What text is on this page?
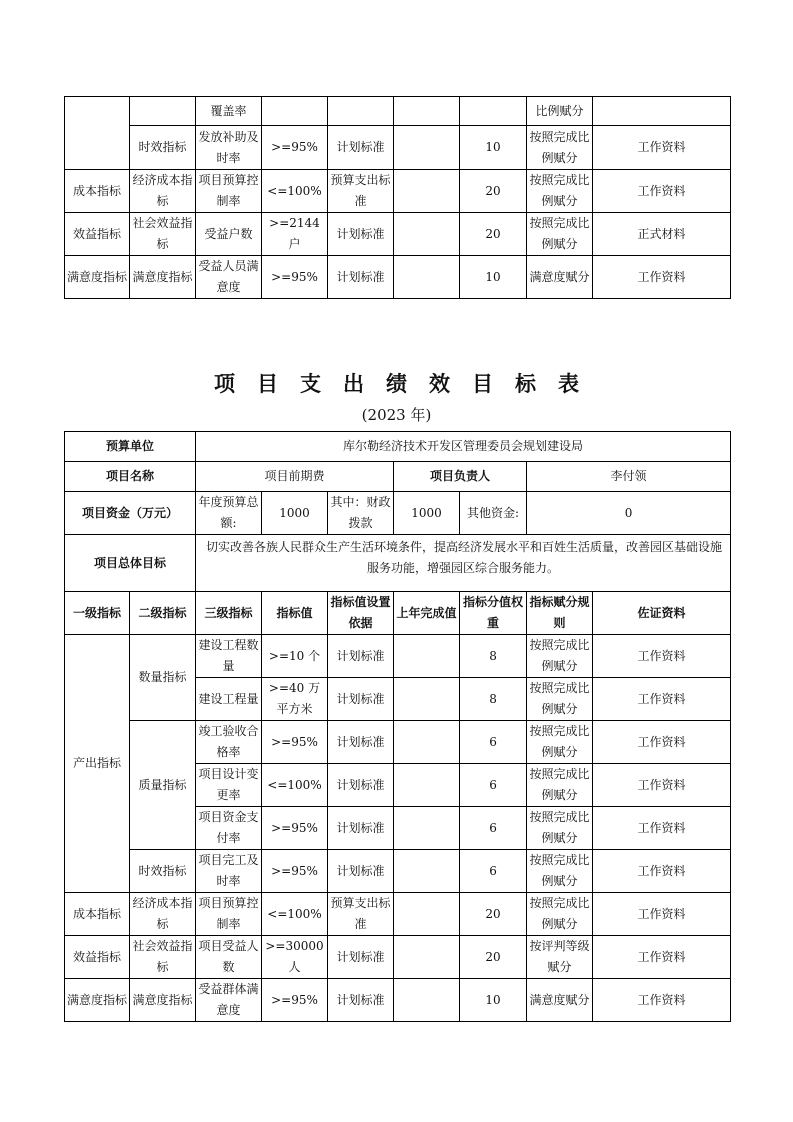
		覆盖率					比例赋分	
	时效指标	发放补助及时率	>=95%	计划标准		10	按照完成比例赋分	工作资料
成本指标	经济成本指标	项目预算控制率	<=100%	预算支出标准		20	按照完成比例赋分	工作资料
效益指标	社会效益指标	受益户数	>=2144 户	计划标准		20	按照完成比例赋分	正式材料
满意度指标	满意度指标	受益人员满意度	>=95%	计划标准		10	满意度赋分	工作资料
项目支出绩效目标表
(2023 年)
预算单位		库尔勒经济技术开发区管理委员会规划建设局						
项目名称		项目前期费			项目负责人		李付领	
项目资金（万元）		年度预算总额:	1000	其中：财政拨款	1000	其他资金:	0	
项目总体目标		切实改善各族人民群众生产生活环境条件，提高经济发展水平和百姓生活质量，改善园区基础设施服务功能，增强园区综合服务能力。						
一级指标	二级指标	三级指标	指标值	指标值设置依据	上年完成值	指标分值权重	指标赋分规则	佐证资料
产出指标	数量指标	建设工程数量	>=10 个	计划标准		8	按照完成比例赋分	工作资料
		建设工程量	>=40 万平方米	计划标准		8	按照完成比例赋分	工作资料
	质量指标	竣工验收合格率	>=95%	计划标准		6	按照完成比例赋分	工作资料
		项目设计变更率	<=100%	计划标准		6	按照完成比例赋分	工作资料
		项目资金支付率	>=95%	计划标准		6	按照完成比例赋分	工作资料
	时效指标	项目完工及时率	>=95%	计划标准		6	按照完成比例赋分	工作资料
成本指标	经济成本指标	项目预算控制率	<=100%	预算支出标准		20	按照完成比例赋分	工作资料
效益指标	社会效益指标	项目受益人数	>=30000 人	计划标准		20	按评判等级赋分	工作资料
满意度指标	满意度指标	受益群体满意度	>=95%	计划标准		10	满意度赋分	工作资料
